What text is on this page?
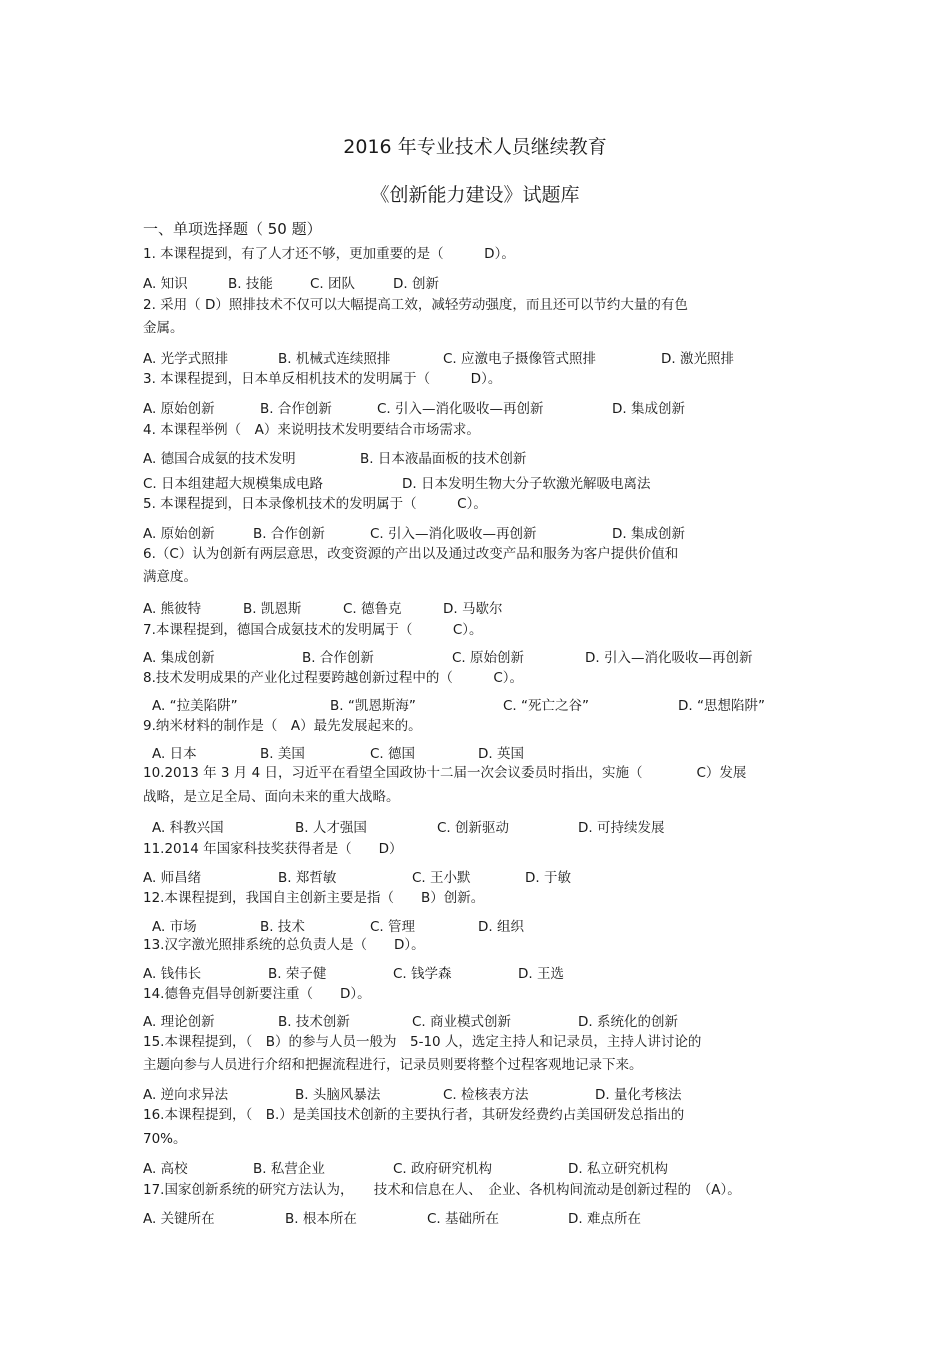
2016 年专业技术人员继续教育
《创新能力建设》试题库
一、单项选择题（ 50 题）
1. 本课程提到，有了人才还不够，更加重要的是（　　　D）。
A. 知识	B. 技能	C. 团队	D. 创新
2. 采用（ D）照排技术不仅可以大幅提高工效，减轻劳动强度，而且还可以节约大量的有色
金属。
A. 光学式照排	B. 机械式连续照排	C. 应激电子摄像管式照排	D. 激光照排
3. 本课程提到，日本单反相机技术的发明属于（　　　D）。
A. 原始创新	B. 合作创新	C. 引入—消化吸收—再创新	D. 集成创新
4. 本课程举例（　A）来说明技术发明要结合市场需求。
A. 德国合成氨的技术发明	B. 日本液晶面板的技术创新
C. 日本组建超大规模集成电路	D. 日本发明生物大分子软激光解吸电离法
5. 本课程提到，日本录像机技术的发明属于（　　　C）。
A. 原始创新	B. 合作创新	C. 引入—消化吸收—再创新	D. 集成创新
6.（C）认为创新有两层意思，改变资源的产出以及通过改变产品和服务为客户提供价值和
满意度。
A. 熊彼特	B. 凯恩斯	C. 德鲁克	D. 马歇尔
7.本课程提到，德国合成氨技术的发明属于（　　　C）。
A. 集成创新	B. 合作创新	C. 原始创新	D. 引入—消化吸收—再创新
8.技术发明成果的产业化过程要跨越创新过程中的（　　　C）。
A. “拉美陷阱”	B. “凯恩斯海”	C. “死亡之谷”	D. “思想陷阱”
9.纳米材料的制作是（　A）最先发展起来的。
A. 日本	B. 美国	C. 德国	D. 英国
10.2013 年 3 月 4 日，习近平在看望全国政协十二届一次会议委员时指出，实施（　　　　C）发展
战略，是立足全局、面向未来的重大战略。
A. 科教兴国	B. 人才强国	C. 创新驱动	D. 可持续发展
11.2014 年国家科技奖获得者是（　　D）
A. 师昌绪	B. 郑哲敏	C. 王小默	D. 于敏
12.本课程提到，我国自主创新主要是指（　　B）创新。
A. 市场	B. 技术	C. 管理	D. 组织
13.汉字激光照排系统的总负责人是（　　D）。
A. 钱伟长	B. 荣子健	C. 钱学森	D. 王选
14.德鲁克倡导创新要注重（　　D）。
A. 理论创新	B. 技术创新	C. 商业模式创新	D. 系统化的创新
15.本课程提到，（　B）的参与人员一般为　5-10 人，选定主持人和记录员，主持人讲讨论的
主题向参与人员进行介绍和把握流程进行，记录员则要将整个过程客观地记录下来。
A. 逆向求异法	B. 头脑风暴法	C. 检核表方法	D. 量化考核法
16.本课程提到，（　B.）是美国技术创新的主要执行者，其研发经费约占美国研发总指出的
70%。
A. 高校	B. 私营企业	C. 政府研究机构	D. 私立研究机构
17.国家创新系统的研究方法认为，　　技术和信息在人、　企业、各机构间流动是创新过程的　（A）。
A. 关键所在	B. 根本所在	C. 基础所在	D. 难点所在
